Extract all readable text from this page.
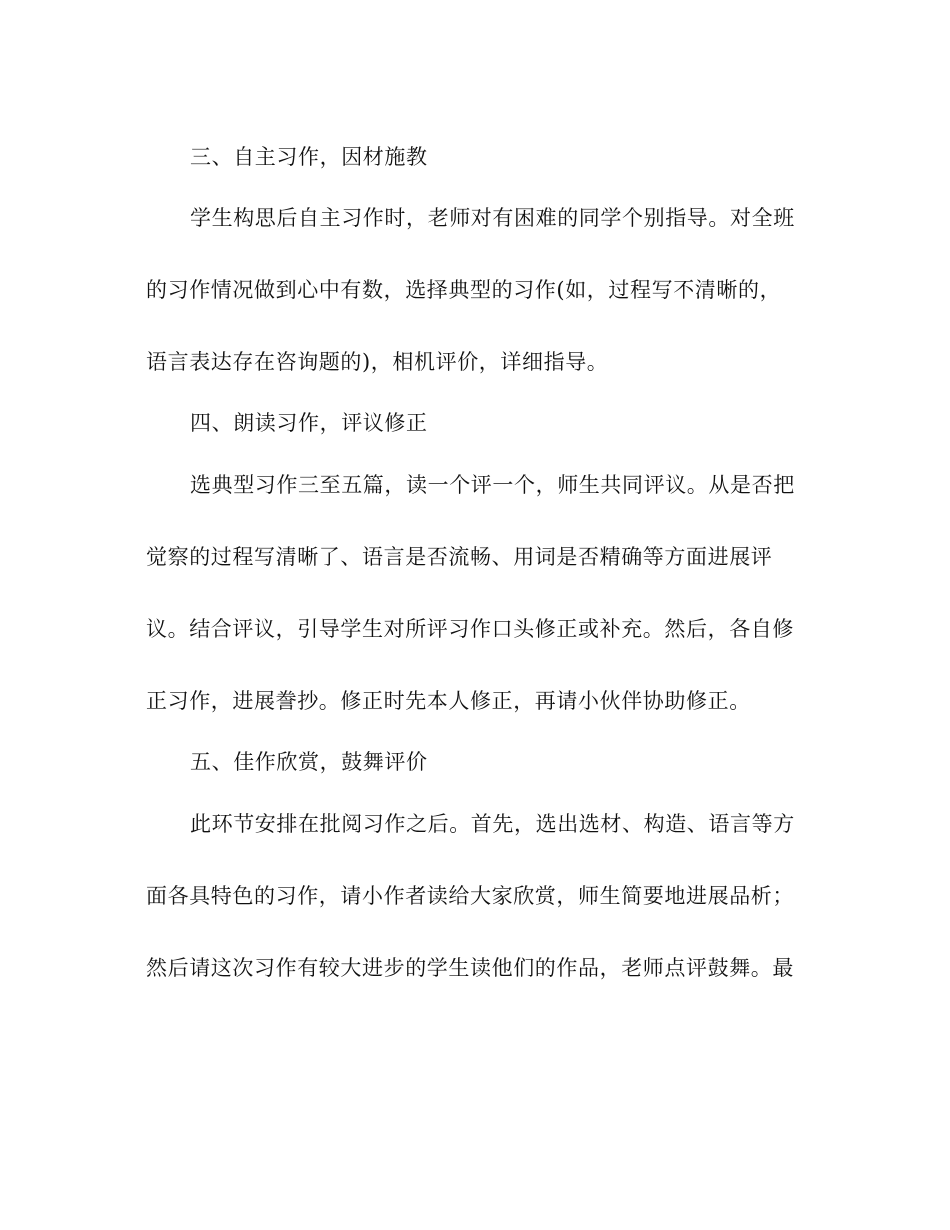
三、自主习作，因材施教
学生构思后自主习作时，老师对有困难的同学个别指导。对全班
的习作情况做到心中有数，选择典型的习作(如，过程写不清晰的，
语言表达存在咨询题的)，相机评价，详细指导。
四、朗读习作，评议修正
选典型习作三至五篇，读一个评一个，师生共同评议。从是否把
觉察的过程写清晰了、语言是否流畅、用词是否精确等方面进展评
议。结合评议，引导学生对所评习作口头修正或补充。然后，各自修
正习作，进展誊抄。修正时先本人修正，再请小伙伴协助修正。
五、佳作欣赏，鼓舞评价
此环节安排在批阅习作之后。首先，选出选材、构造、语言等方
面各具特色的习作，请小作者读给大家欣赏，师生简要地进展品析；
然后请这次习作有较大进步的学生读他们的作品，老师点评鼓舞。最
